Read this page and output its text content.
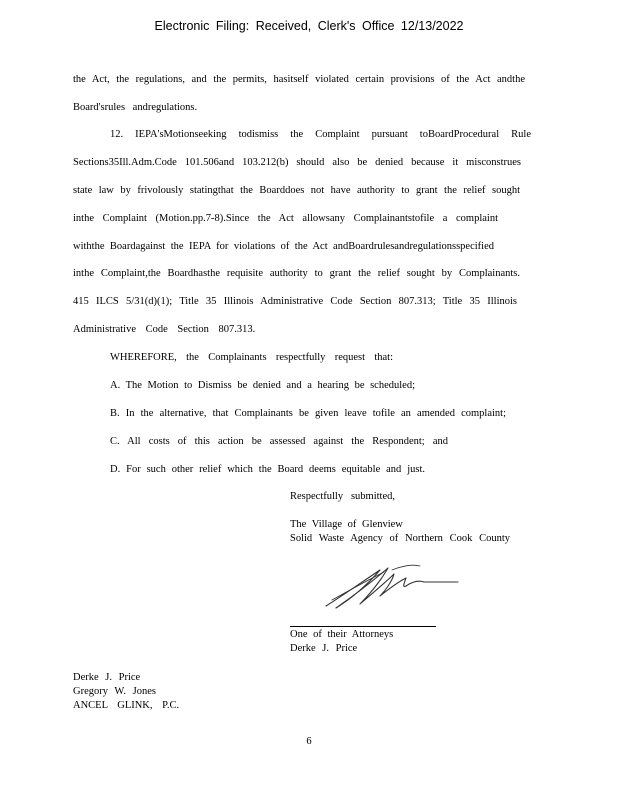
Electronic Filing: Received, Clerk's Office 12/13/2022
the Act, the regulations, and the permits, hasitself violated certain provisions of the Act andthe
Board'srules andregulations.
12. IEPA'sMotionseeking todismiss the Complaint pursuant toBoardProcedural Rule
Sections35Ill.Adm.Code 101.506and 103.212(b) should also be denied because it misconstrues
state law by frivolously statingthat the Boarddoes not have authority to grant the relief sought
inthe Complaint (Motion.pp.7-8).Since the Act allowsany Complainantstofile a complaint
withthe Boardagainst the IEPA for violations of the Act andBoardrulesandregulationsspecified
inthe Complaint,the Boardhasthe requisite authority to grant the relief sought by Complainants.
415 ILCS 5/31(d)(1); Title 35 Illinois Administrative Code Section 807.313; Title 35 Illinois
Administrative Code Section 807.313.
WHEREFORE, the Complainants respectfully request that:
A. The Motion to Dismiss be denied and a hearing be scheduled;
B. In the alternative, that Complainants be given leave tofile an amended complaint;
C. All costs of this action be assessed against the Respondent; and
D. For such other relief which the Board deems equitable and just.
Respectfully submitted,
The Village of Glenview
Solid Waste Agency of Northern Cook County
One of their Attorneys
Derke J. Price
Derke J. Price
Gregory W. Jones
ANCEL GLINK, P.C.
6
